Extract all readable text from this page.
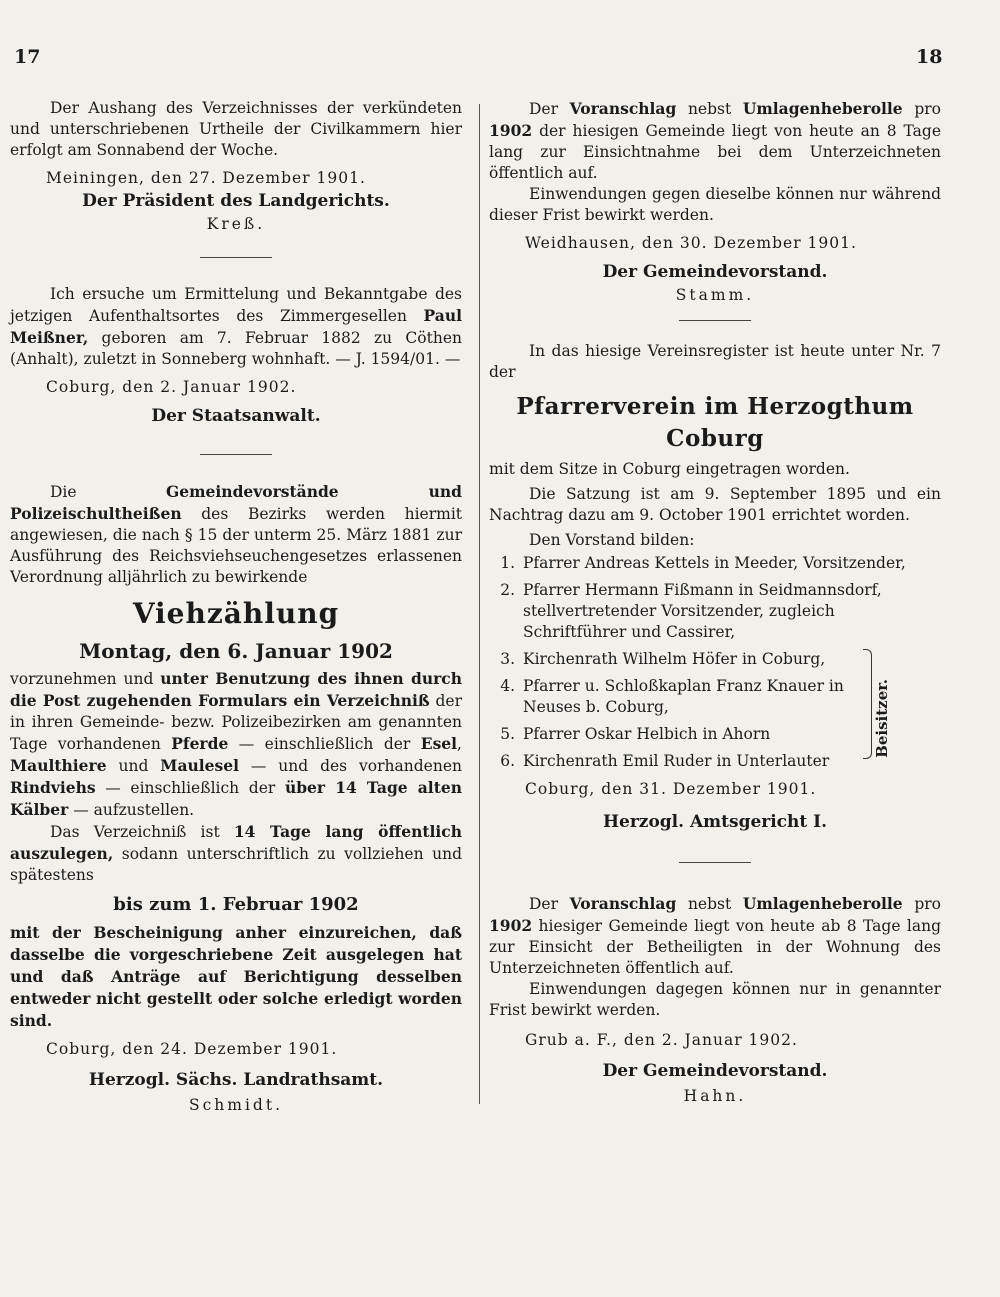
17	18

Der Aushang des Verzeichnisses der verkündeten und unterschriebenen Urtheile der Civilkammern hier erfolgt am Sonnabend der Woche.

Meiningen, den 27. Dezember 1901.

Der Präsident des Landgerichts.

Kreß.

Ich ersuche um Ermittelung und Bekanntgabe des jetzigen Aufenthaltsortes des Zimmergesellen Paul Meißner, geboren am 7. Februar 1882 zu Cöthen (Anhalt), zuletzt in Sonneberg wohnhaft. — J. 1594/01. —

Coburg, den 2. Januar 1902.

Der Staatsanwalt.

Die	Gemeindevorstände und Polizeischultheißen des Bezirks werden hiermit angewiesen, die nach § 15 der unterm 25. März 1881 zur Ausführung des Reichsviehseuchengesetzes erlassenen Verordnung alljährlich zu bewirkende

Viehzählung
Montag, den 6. Januar 1902

vorzunehmen und unter Benutzung des ihnen durch die Post zugehenden Formulars ein Verzeichniß der in ihren Gemeinde- bezw. Polizeibezirken am genannten Tage vorhandenen Pferde — einschließlich der Esel, Maulthiere und Maulesel — und des vorhandenen Rindviehs — einschließlich der über 14 Tage alten Kälber — aufzustellen.

Das Verzeichniß ist 14 Tage lang öffentlich auszulegen, sodann unterschriftlich zu vollziehen und spätestens

bis zum 1. Februar 1902

mit der Bescheinigung anher einzureichen, daß dasselbe die vorgeschriebene Zeit ausgelegen hat und daß Anträge auf Berichtigung desselben entweder nicht gestellt oder solche erledigt worden sind.

Coburg, den 24. Dezember 1901.

Herzogl. Sächs. Landrathsamt.

Schmidt.

Der Voranschlag nebst Umlagenheberolle pro 1902 der hiesigen Gemeinde liegt von heute an 8 Tage lang zur Einsichtnahme bei dem Unterzeichneten öffentlich auf.

Einwendungen gegen dieselbe können nur während dieser Frist bewirkt werden.

Weidhausen, den 30. Dezember 1901.

Der Gemeindevorstand.

Stamm.

In das hiesige Vereinsregister ist heute unter Nr. 7 der

Pfarrerverein im Herzogthum Coburg

mit dem Sitze in Coburg eingetragen worden.

Die Satzung ist am 9. September 1895 und ein Nachtrag dazu am 9. October 1901 errichtet worden.

Den Vorstand bilden:

1. Pfarrer Andreas Kettels in Meeder, Vorsitzender,
2. Pfarrer Hermann Fißmann in Seidmannsdorf, stellvertretender Vorsitzender, zugleich Schriftführer und Cassirer,
3. Kirchenrath Wilhelm Höfer in Coburg,
4. Pfarrer u. Schloßkaplan Franz Knauer in Neuses b. Coburg,
5. Pfarrer Oskar Helbich in Ahorn
6. Kirchenrath Emil Ruder in Unterlauter
Beisitzer.

Coburg, den 31. Dezember 1901.

Herzogl. Amtsgericht I.

Der Voranschlag nebst Umlagenheberolle pro 1902 hiesiger Gemeinde liegt von heute ab 8 Tage lang zur Einsicht der Betheiligten in der Wohnung des Unterzeichneten öffentlich auf.

Einwendungen dagegen können nur in genannter Frist bewirkt werden.

Grub a. F., den 2. Januar 1902.

Der Gemeindevorstand.

Hahn.
